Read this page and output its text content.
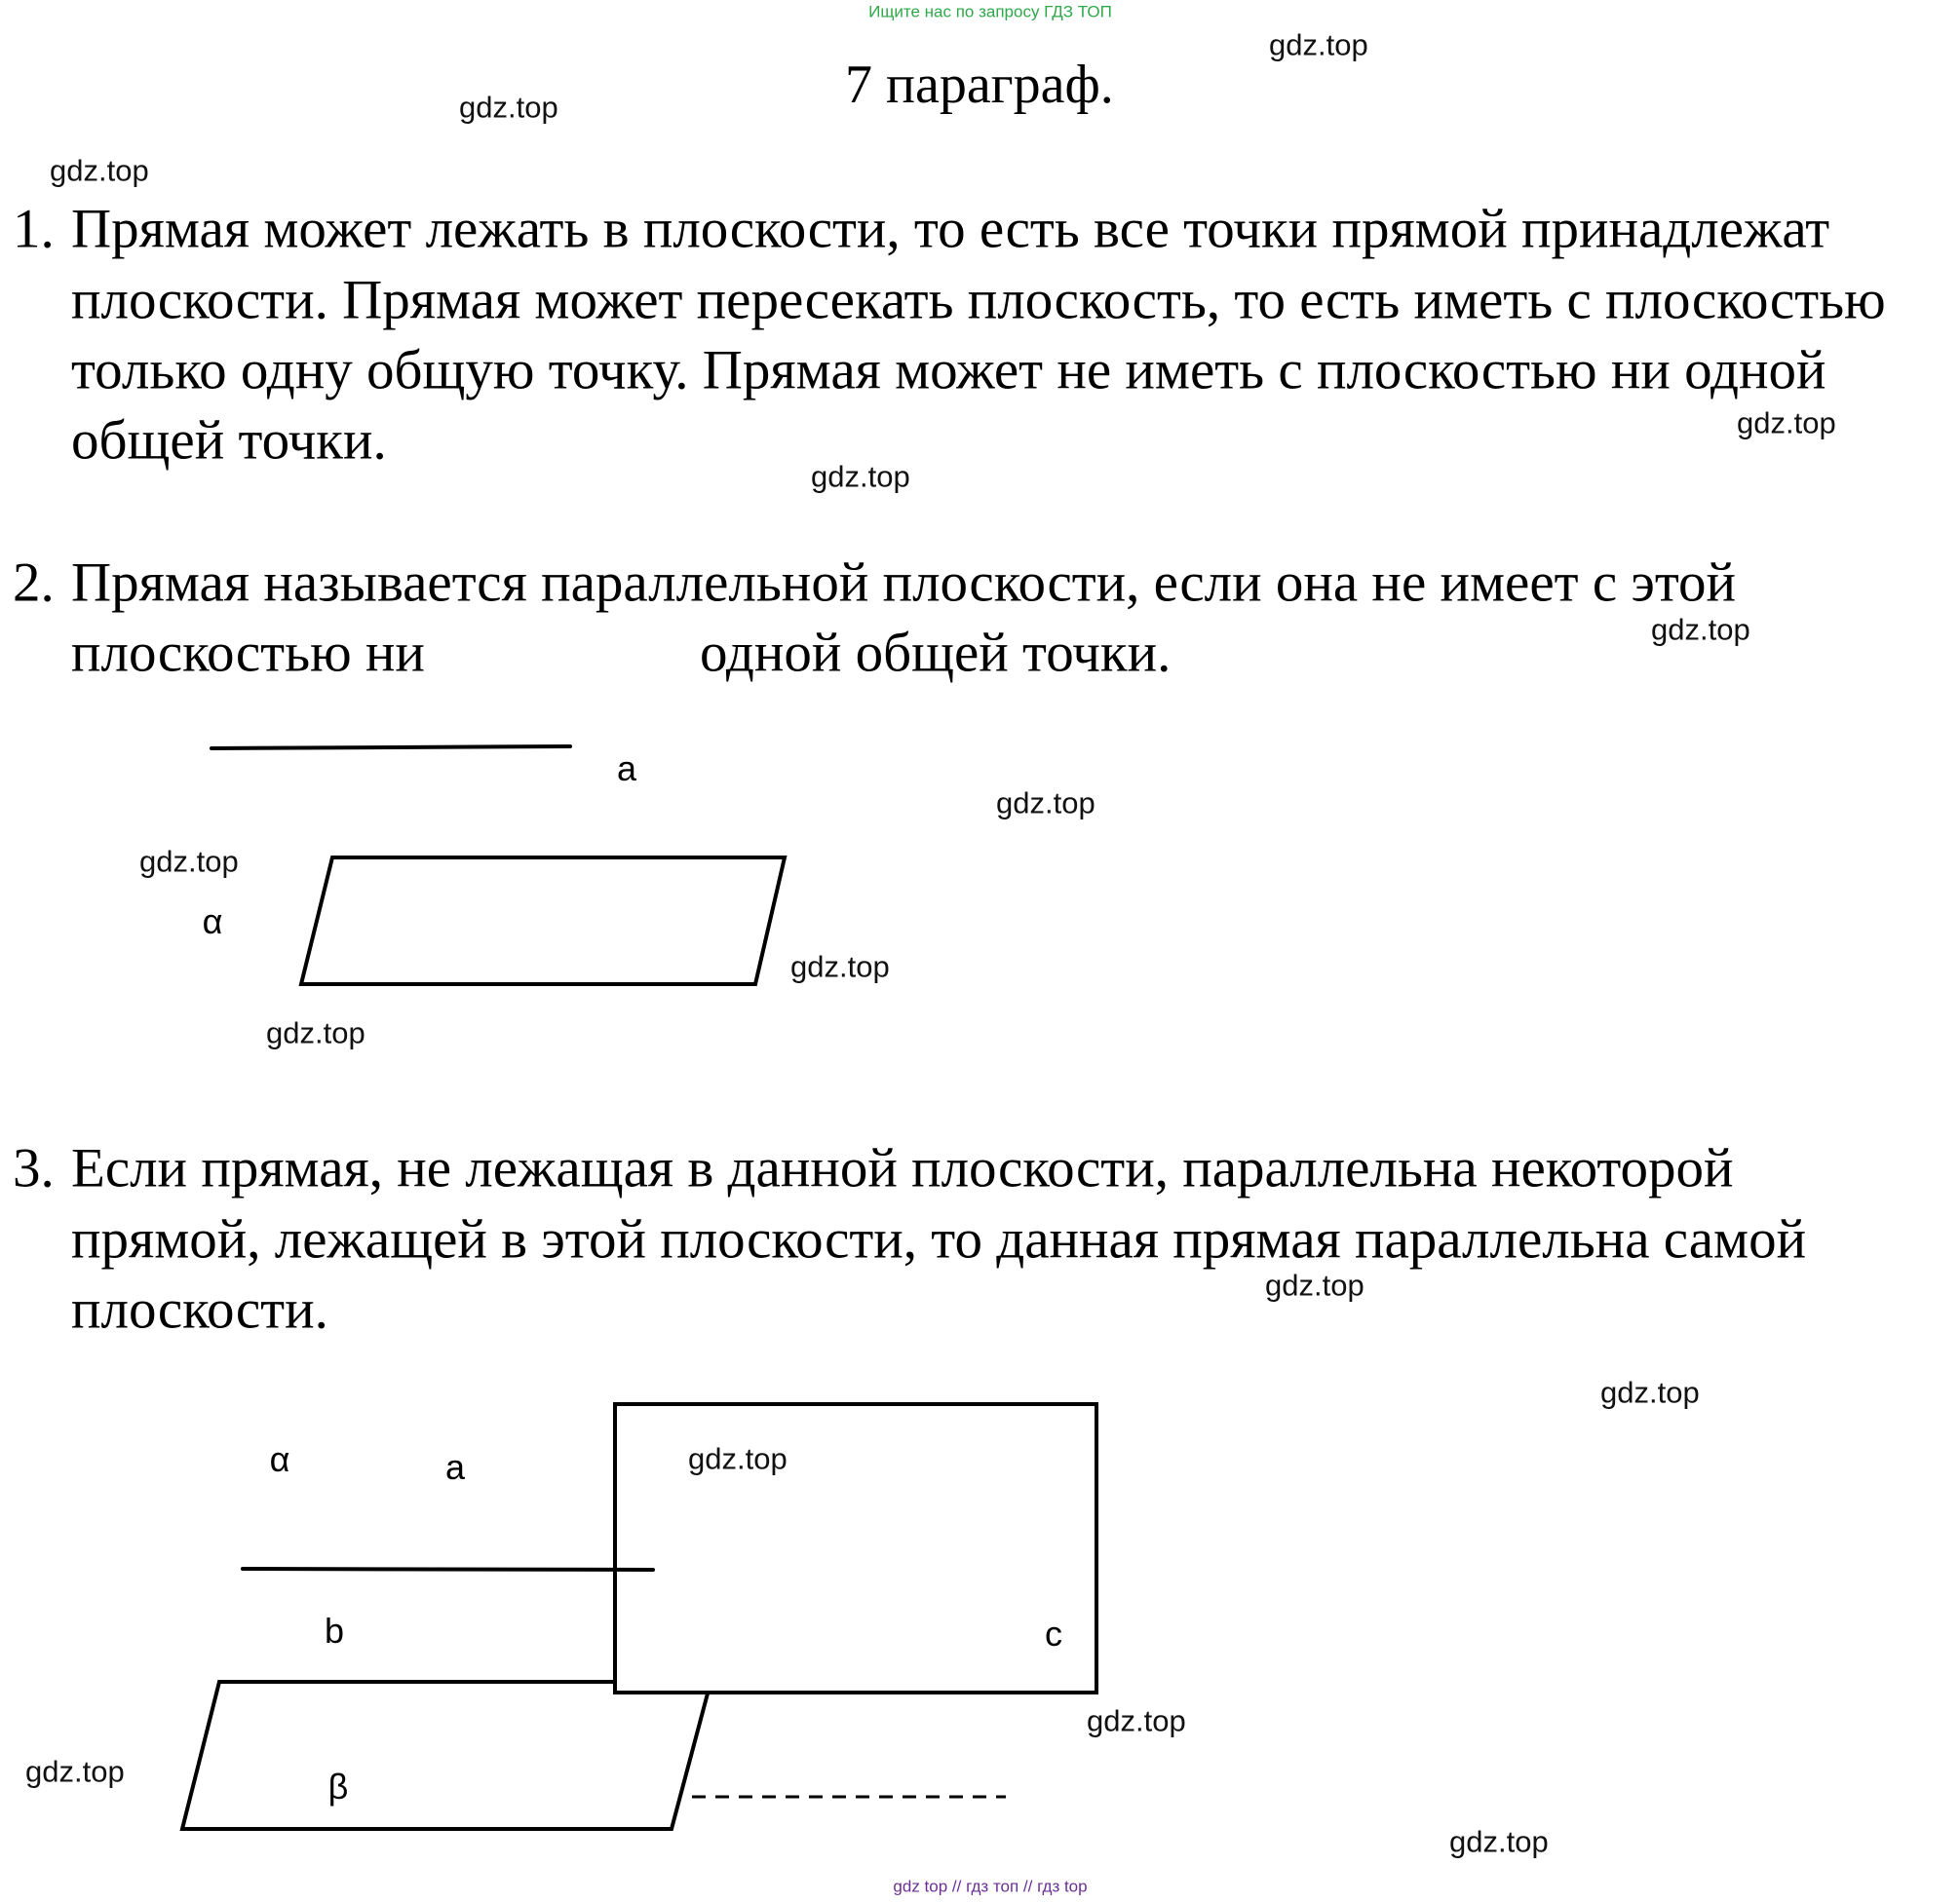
Ищите нас по запросу ГДЗ ТОП
7 параграф.
gdz.top
gdz.top
gdz.top
gdz.top
gdz.top
gdz.top
gdz.top
gdz.top
gdz.top
gdz.top
gdz.top
gdz.top
gdz.top
gdz.top
gdz.top
gdz.top
1. Прямая может лежать в плоскости, то есть все точки прямой принадлежат
плоскости. Прямая может пересекать плоскость, то есть иметь с плоскостью
только одну общую точку. Прямая может не иметь с плоскостью ни одной
общей точки.
2. Прямая называется параллельной плоскости, если она не имеет с этой
плоскостью ни	одной общей точки.
a
α
3. Если прямая, не лежащая в данной плоскости, параллельна некоторой
прямой, лежащей в этой плоскости, то данная прямая параллельна самой
плоскости.
α	a
b	c
β
gdz top // гдз топ // гдз top
